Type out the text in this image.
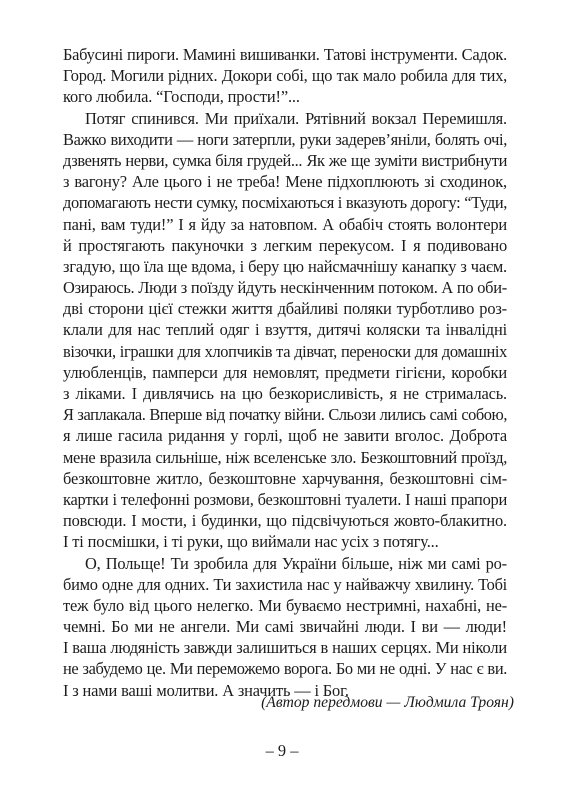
Бабусині пироги. Мамині вишиванки. Татові інструменти. Садок.
Город. Могили рідних. Докори собі, що так мало робила для тих,
кого любила. “Господи, прости!”...
Потяг спинився. Ми приїхали. Рятівний вокзал Перемишля.
Важко виходити — ноги затерпли, руки задерев’яніли, болять очі,
дзвенять нерви, сумка біля грудей... Як же ще зуміти вистрибнути
з вагону? Але цього і не треба! Мене підхоплюють зі сходинок,
допомагають нести сумку, посміхаються і вказують дорогу: “Туди,
пані, вам туди!” І я йду за натовпом. А обабіч стоять волонтери
й простягають пакуночки з легким перекусом. І я подивовано
згадую, що їла ще вдома, і беру цю найсмачнішу канапку з чаєм.
Озираюсь. Люди з поїзду йдуть нескінченним потоком. А по оби-
дві сторони цієї стежки життя дбайливі поляки турботливо роз-
клали для нас теплий одяг і взуття, дитячі коляски та інвалідні
візочки, іграшки для хлопчиків та дівчат, переноски для домашніх
улюбленців, памперси для немовлят, предмети гігієни, коробки
з ліками. І дивлячись на цю безкорисливість, я не стрималась.
Я заплакала. Вперше від початку війни. Сльози лились самі собою,
я лише гасила ридання у горлі, щоб не завити вголос. Доброта
мене вразила сильніше, ніж вселенське зло. Безкоштовний проїзд,
безкоштовне житло, безкоштовне харчування, безкоштовні сім-
картки і телефонні розмови, безкоштовні туалети. І наші прапори
повсюди. І мости, і будинки, що підсвічуються жовто-блакитно.
І ті посмішки, і ті руки, що виймали нас усіх з потягу...
О, Польще! Ти зробила для України більше, ніж ми самі ро-
бимо одне для одних. Ти захистила нас у найважчу хвилину. Тобі
теж було від цього нелегко. Ми буваємо нестримні, нахабні, не-
чемні. Бо ми не ангели. Ми самі звичайні люди. І ви — люди!
І ваша людяність завжди залишиться в наших серцях. Ми ніколи
не забудемо це. Ми переможемо ворога. Бо ми не одні. У нас є ви.
І з нами ваші молитви. А значить — і Бог.
(Автор передмови — Людмила Троян)
– 9 –
